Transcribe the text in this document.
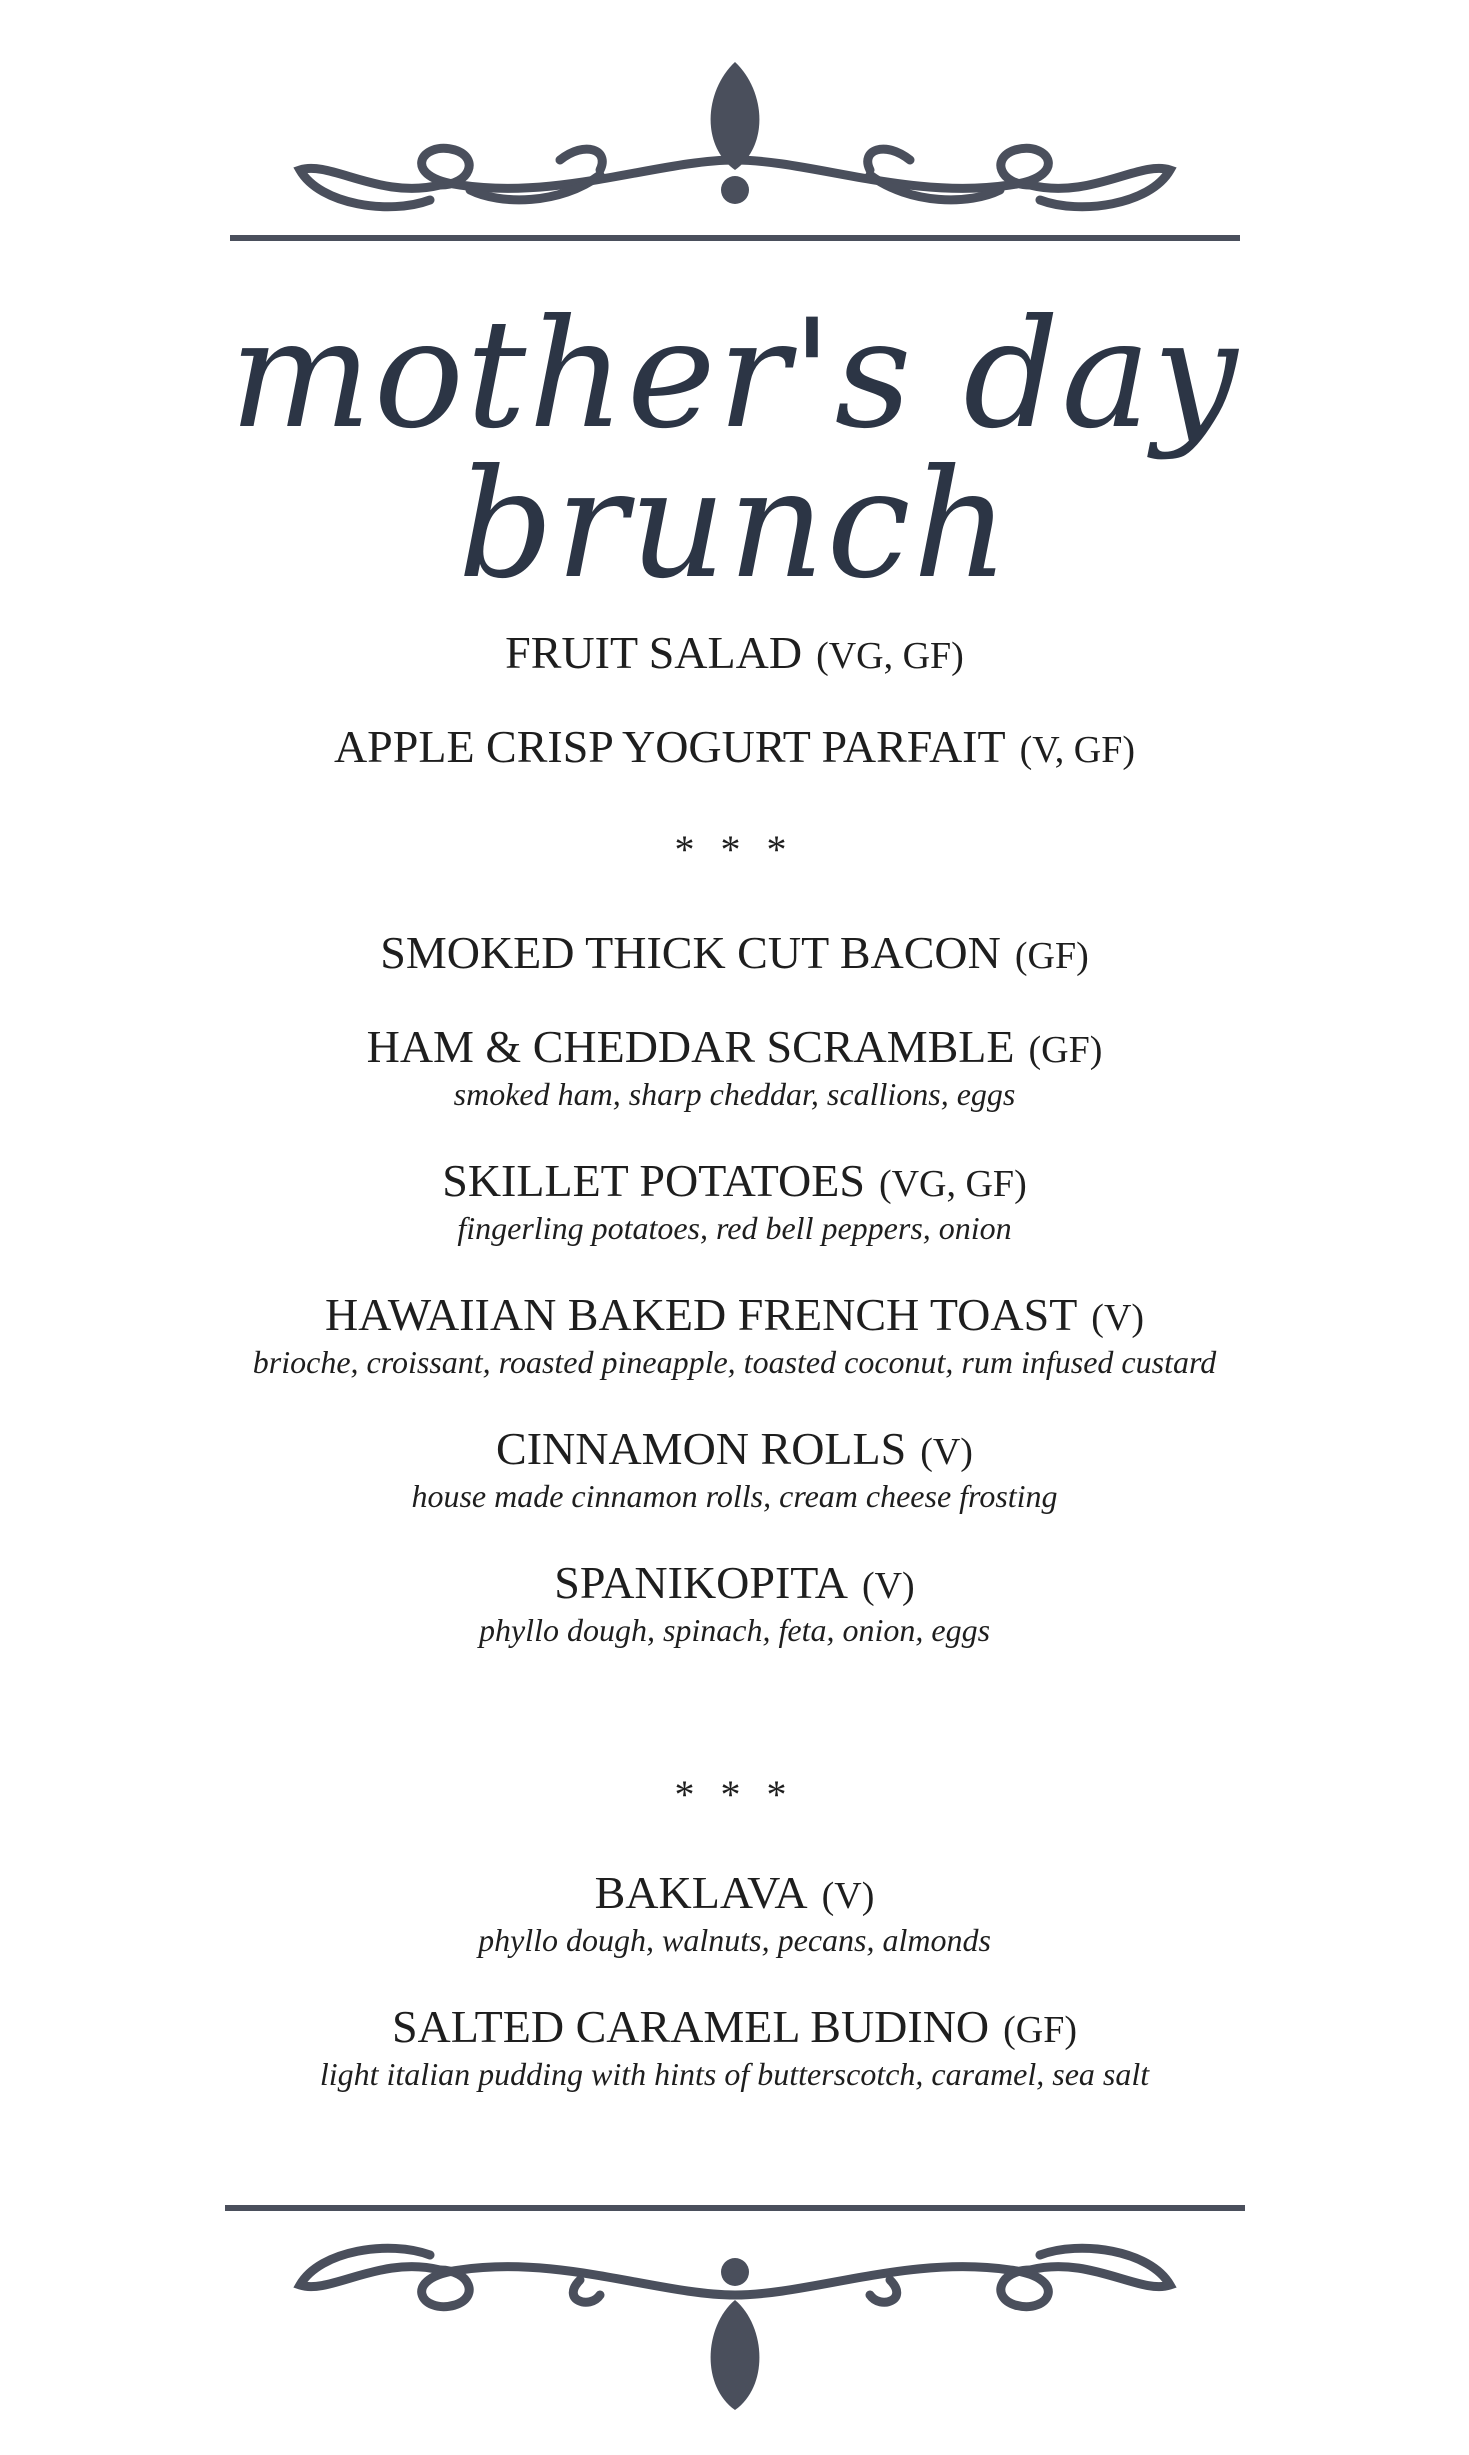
mother's day brunch
FRUIT SALAD (VG, GF)
APPLE CRISP YOGURT PARFAIT (V, GF)
* * *
SMOKED THICK CUT BACON (GF)
HAM & CHEDDAR SCRAMBLE (GF)
smoked ham, sharp cheddar, scallions, eggs
SKILLET POTATOES (VG, GF)
fingerling potatoes, red bell peppers, onion
HAWAIIAN BAKED FRENCH TOAST (V)
brioche, croissant, roasted pineapple, toasted coconut, rum infused custard
CINNAMON ROLLS (V)
house made cinnamon rolls, cream cheese frosting
SPANIKOPITA (V)
phyllo dough, spinach, feta, onion, eggs
* * *
BAKLAVA (V)
phyllo dough, walnuts, pecans, almonds
SALTED CARAMEL BUDINO (GF)
light italian pudding with hints of butterscotch, caramel, sea salt
